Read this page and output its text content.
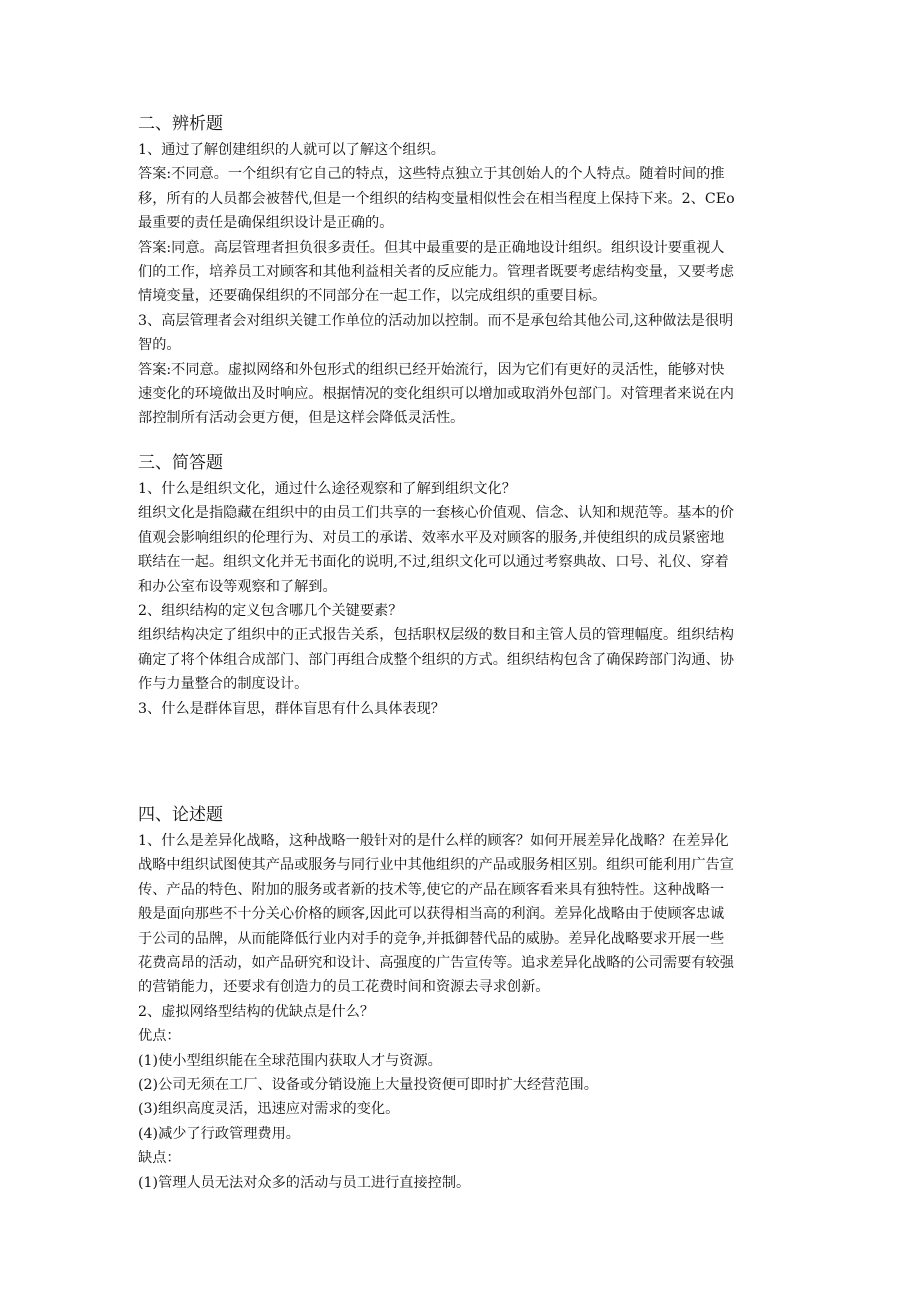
二、辨析题

1、通过了解创建组织的人就可以了解这个组织。

答案:不同意。一个组织有它自己的特点，这些特点独立于其创始人的个人特点。随着时间的推

移，所有的人员都会被替代,但是一个组织的结构变量相似性会在相当程度上保持下来。2、CEo

最重要的责任是确保组织设计是正确的。

答案:同意。高层管理者担负很多责任。但其中最重要的是正确地设计组织。组织设计要重视人

们的工作，培养员工对顾客和其他利益相关者的反应能力。管理者既要考虑结构变量，又要考虑

情境变量，还要确保组织的不同部分在一起工作，以完成组织的重要目标。

3、高层管理者会对组织关键工作单位的活动加以控制。而不是承包给其他公司,这种做法是很明

智的。

答案:不同意。虚拟网络和外包形式的组织已经开始流行，因为它们有更好的灵活性，能够对快

速变化的环境做出及时响应。根据情况的变化组织可以增加或取消外包部门。对管理者来说在内

部控制所有活动会更方便，但是这样会降低灵活性。

三、简答题

1、什么是组织文化，通过什么途径观察和了解到组织文化？

组织文化是指隐藏在组织中的由员工们共享的一套核心价值观、信念、认知和规范等。基本的价

值观会影响组织的伦理行为、对员工的承诺、效率水平及对顾客的服务,并使组织的成员紧密地

联结在一起。组织文化并无书面化的说明,不过,组织文化可以通过考察典故、口号、礼仪、穿着

和办公室布设等观察和了解到。

2、组织结构的定义包含哪几个关键要素？

组织结构决定了组织中的正式报告关系，包括职权层级的数目和主管人员的管理幅度。组织结构

确定了将个体组合成部门、部门再组合成整个组织的方式。组织结构包含了确保跨部门沟通、协

作与力量整合的制度设计。

3、什么是群体盲思，群体盲思有什么具体表现？

四、论述题

1、什么是差异化战略，这种战略一般针对的是什么样的顾客？如何开展差异化战略？在差异化

战略中组织试图使其产品或服务与同行业中其他组织的产品或服务相区别。组织可能利用广告宣

传、产品的特色、附加的服务或者新的技术等,使它的产品在顾客看来具有独特性。这种战略一

般是面向那些不十分关心价格的顾客,因此可以获得相当高的利润。差异化战略由于使顾客忠诚

于公司的品牌，从而能降低行业内对手的竞争,并抵御替代品的威胁。差异化战略要求开展一些

花费高昂的活动，如产品研究和设计、高强度的广告宣传等。追求差异化战略的公司需要有较强

的营销能力，还要求有创造力的员工花费时间和资源去寻求创新。

2、虚拟网络型结构的优缺点是什么？

优点：

(1)使小型组织能在全球范围内获取人才与资源。

(2)公司无须在工厂、设备或分销设施上大量投资便可即时扩大经营范围。

(3)组织高度灵活，迅速应对需求的变化。

(4)减少了行政管理费用。

缺点：

(1)管理人员无法对众多的活动与员工进行直接控制。
